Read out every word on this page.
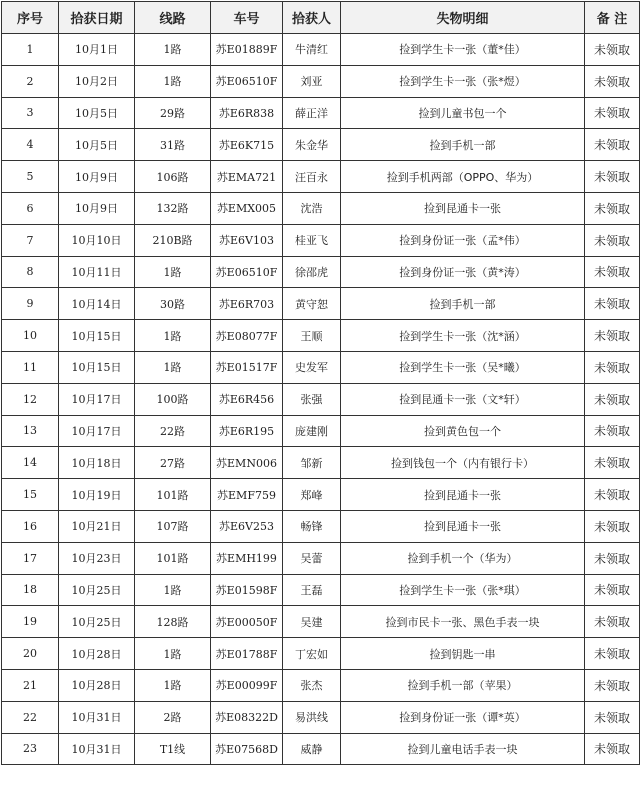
序号	拾获日期	线路	车号	拾获人	失物明细	备 注
1	10月1日	1路	苏E01889F	牛清红	捡到学生卡一张（董*佳）	未领取
2	10月2日	1路	苏E06510F	刘亚	捡到学生卡一张（张*煜）	未领取
3	10月5日	29路	苏E6R838	薛正洋	捡到儿童书包一个	未领取
4	10月5日	31路	苏E6K715	朱金华	捡到手机一部	未领取
5	10月9日	106路	苏EMA721	汪百永	捡到手机两部（OPPO、华为）	未领取
6	10月9日	132路	苏EMX005	沈浩	捡到昆通卡一张	未领取
7	10月10日	210B路	苏E6V103	桂亚飞	捡到身份证一张（孟*伟）	未领取
8	10月11日	1路	苏E06510F	徐邵虎	捡到身份证一张（黄*涛）	未领取
9	10月14日	30路	苏E6R703	黄守恕	捡到手机一部	未领取
10	10月15日	1路	苏E08077F	王顺	捡到学生卡一张（沈*涵）	未领取
11	10月15日	1路	苏E01517F	史发军	捡到学生卡一张（吴*曦）	未领取
12	10月17日	100路	苏E6R456	张强	捡到昆通卡一张（文*轩）	未领取
13	10月17日	22路	苏E6R195	庞建刚	捡到黄色包一个	未领取
14	10月18日	27路	苏EMN006	邹新	捡到钱包一个（内有银行卡）	未领取
15	10月19日	101路	苏EMF759	郑峰	捡到昆通卡一张	未领取
16	10月21日	107路	苏E6V253	畅锋	捡到昆通卡一张	未领取
17	10月23日	101路	苏EMH199	吴蕾	捡到手机一个（华为）	未领取
18	10月25日	1路	苏E01598F	王磊	捡到学生卡一张（张*琪）	未领取
19	10月25日	128路	苏E00050F	吴建	捡到市民卡一张、黑色手表一块	未领取
20	10月28日	1路	苏E01788F	丁宏如	捡到钥匙一串	未领取
21	10月28日	1路	苏E00099F	张杰	捡到手机一部（苹果）	未领取
22	10月31日	2路	苏E08322D	易洪线	捡到身份证一张（谭*英）	未领取
23	10月31日	T1线	苏E07568D	威静	捡到儿童电话手表一块	未领取
